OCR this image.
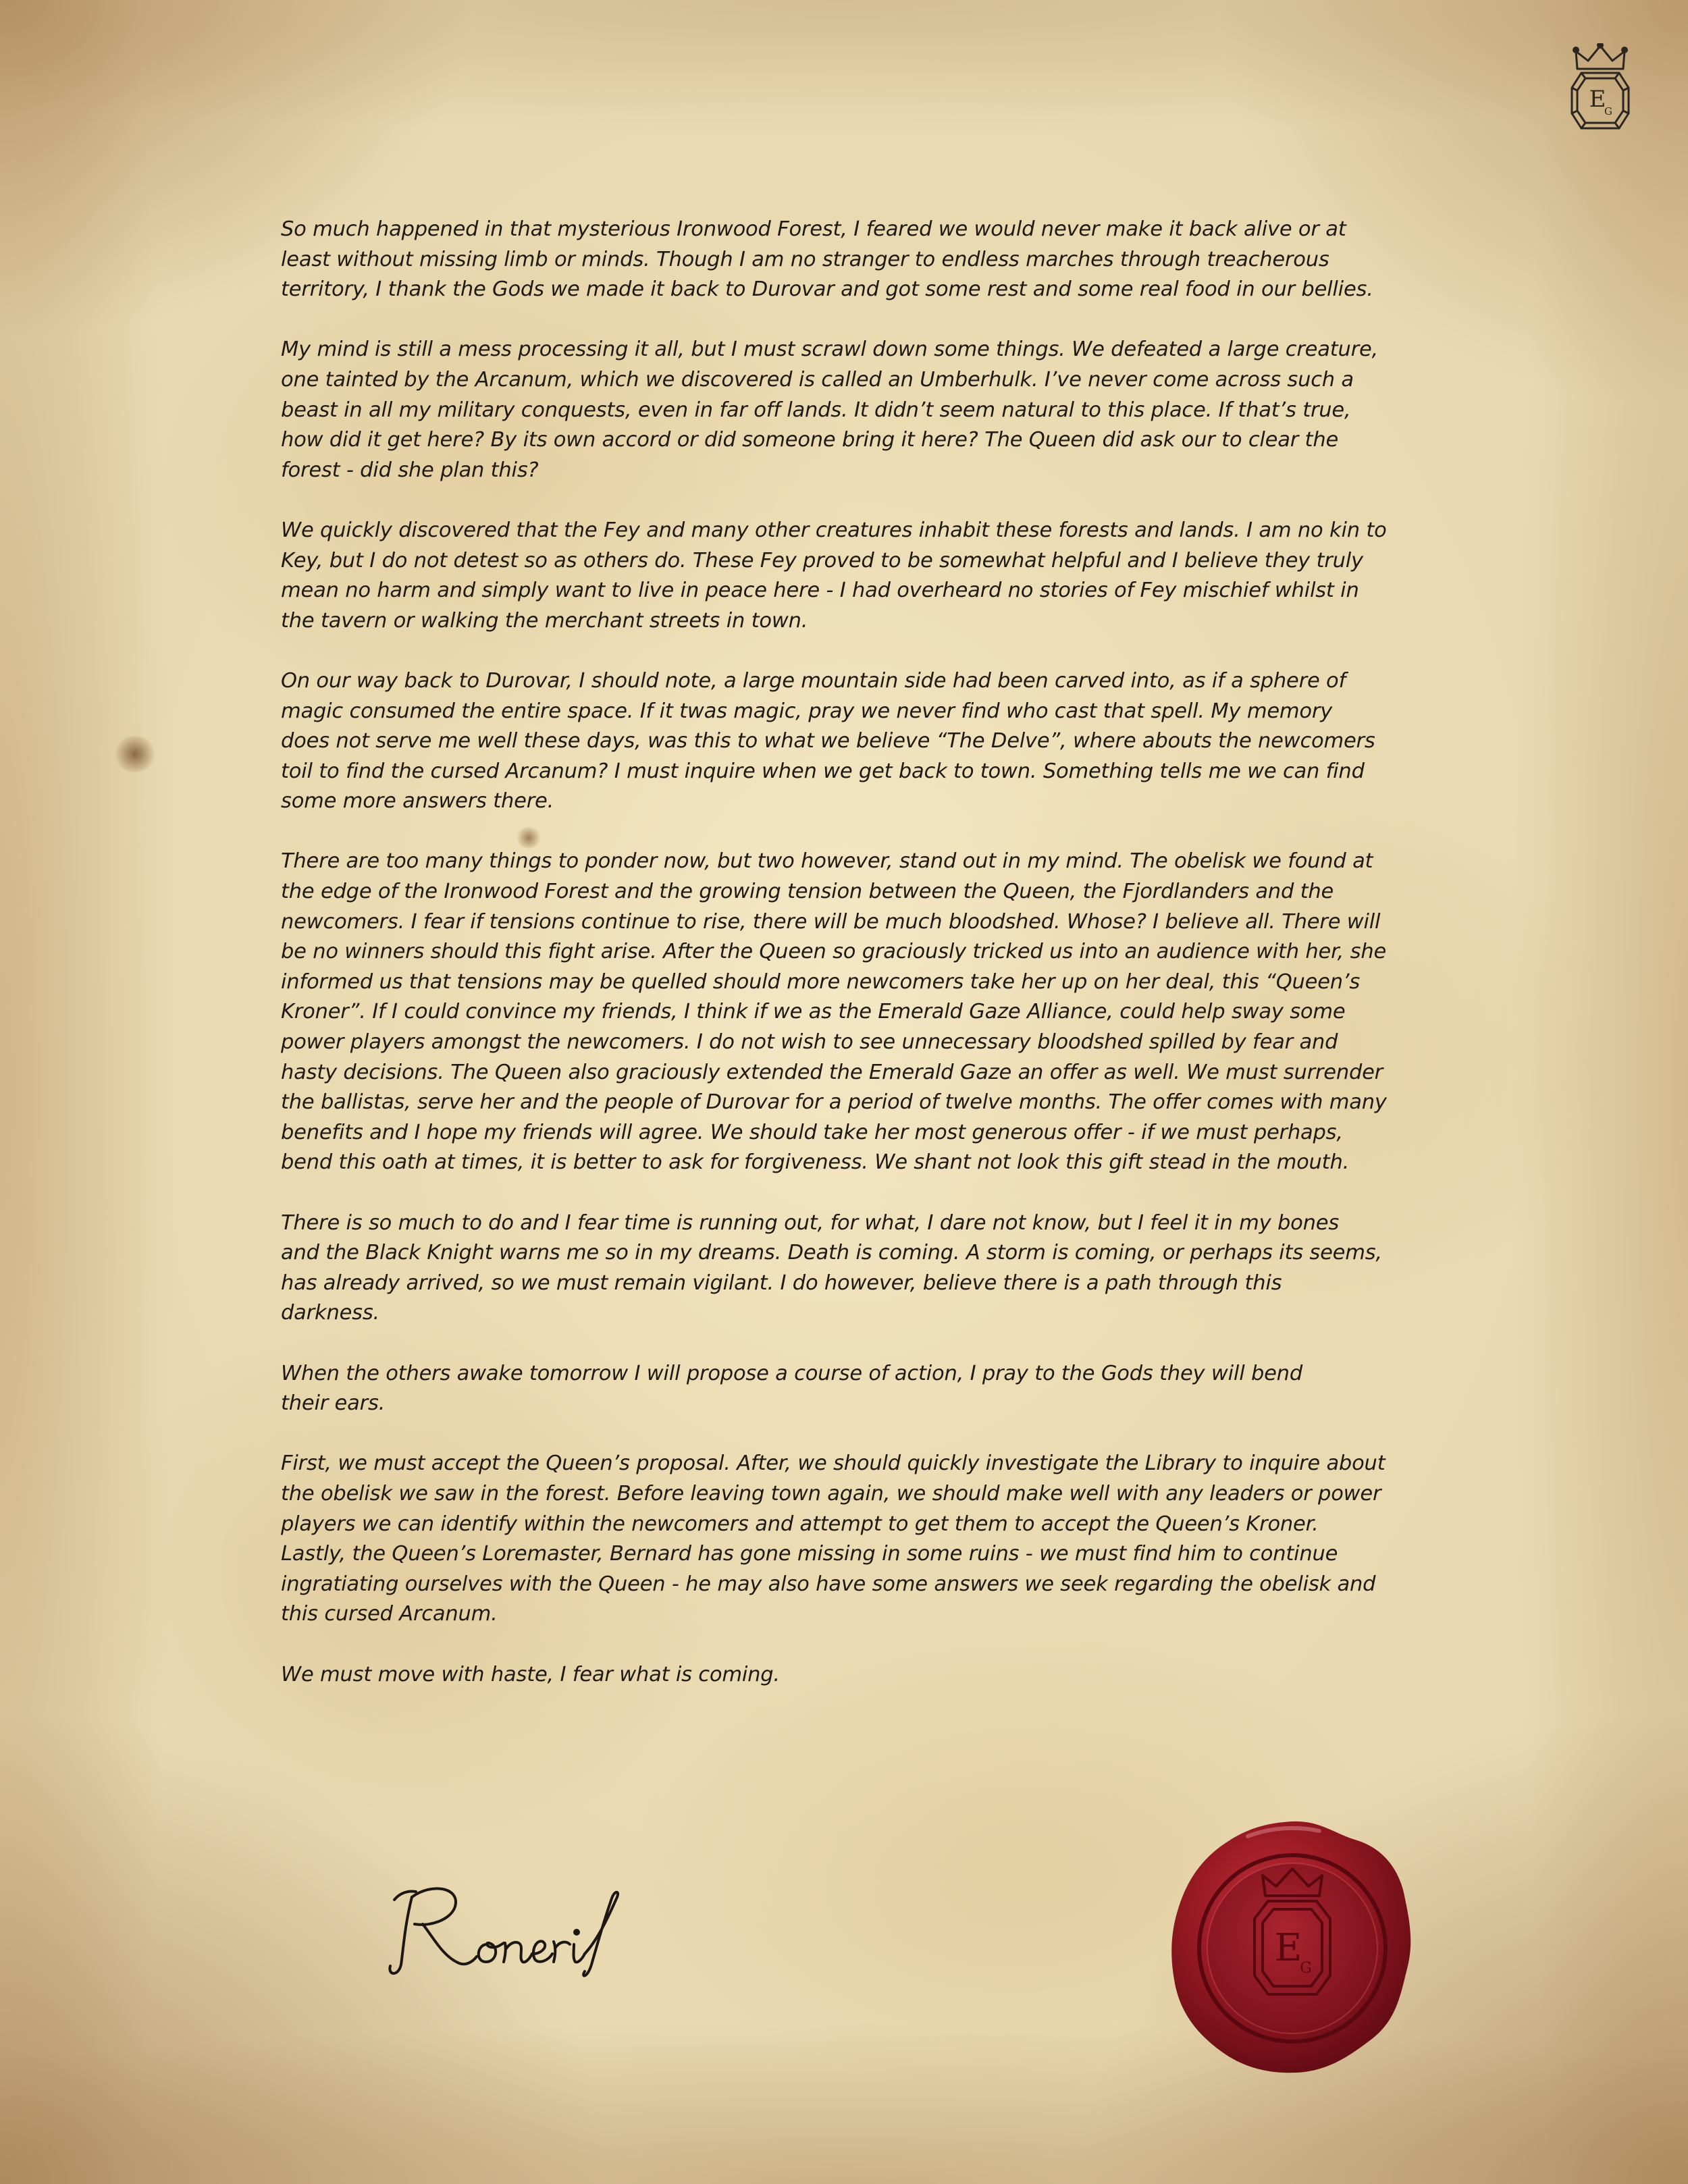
E
G

So much happened in that mysterious Ironwood Forest, I feared we would never make it back alive or at
least without missing limb or minds. Though I am no stranger to endless marches through treacherous
territory, I thank the Gods we made it back to Durovar and got some rest and some real food in our bellies.

My mind is still a mess processing it all, but I must scrawl down some things. We defeated a large creature,
one tainted by the Arcanum, which we discovered is called an Umberhulk. I’ve never come across such a
beast in all my military conquests, even in far off lands. It didn’t seem natural to this place. If that’s true,
how did it get here? By its own accord or did someone bring it here? The Queen did ask our to clear the
forest - did she plan this?

We quickly discovered that the Fey and many other creatures inhabit these forests and lands. I am no kin to
Key, but I do not detest so as others do. These Fey proved to be somewhat helpful and I believe they truly
mean no harm and simply want to live in peace here - I had overheard no stories of Fey mischief whilst in
the tavern or walking the merchant streets in town.

On our way back to Durovar, I should note, a large mountain side had been carved into, as if a sphere of
magic consumed the entire space. If it twas magic, pray we never find who cast that spell. My memory
does not serve me well these days, was this to what we believe “The Delve”, where abouts the newcomers
toil to find the cursed Arcanum? I must inquire when we get back to town. Something tells me we can find
some more answers there.

There are too many things to ponder now, but two however, stand out in my mind. The obelisk we found at
the edge of the Ironwood Forest and the growing tension between the Queen, the Fjordlanders and the
newcomers. I fear if tensions continue to rise, there will be much bloodshed. Whose? I believe all. There will
be no winners should this fight arise. After the Queen so graciously tricked us into an audience with her, she
informed us that tensions may be quelled should more newcomers take her up on her deal, this “Queen’s
Kroner”. If I could convince my friends, I think if we as the Emerald Gaze Alliance, could help sway some
power players amongst the newcomers. I do not wish to see unnecessary bloodshed spilled by fear and
hasty decisions. The Queen also graciously extended the Emerald Gaze an offer as well. We must surrender
the ballistas, serve her and the people of Durovar for a period of twelve months. The offer comes with many
benefits and I hope my friends will agree. We should take her most generous offer - if we must perhaps,
bend this oath at times, it is better to ask for forgiveness. We shant not look this gift stead in the mouth.

There is so much to do and I fear time is running out, for what, I dare not know, but I feel it in my bones
and the Black Knight warns me so in my dreams. Death is coming. A storm is coming, or perhaps its seems,
has already arrived, so we must remain vigilant. I do however, believe there is a path through this
darkness.

When the others awake tomorrow I will propose a course of action, I pray to the Gods they will bend
their ears.

First, we must accept the Queen’s proposal. After, we should quickly investigate the Library to inquire about
the obelisk we saw in the forest. Before leaving town again, we should make well with any leaders or power
players we can identify within the newcomers and attempt to get them to accept the Queen’s Kroner.
Lastly, the Queen’s Loremaster, Bernard has gone missing in some ruins - we must find him to continue
ingratiating ourselves with the Queen - he may also have some answers we seek regarding the obelisk and
this cursed Arcanum.

We must move with haste, I fear what is coming.

E
G
